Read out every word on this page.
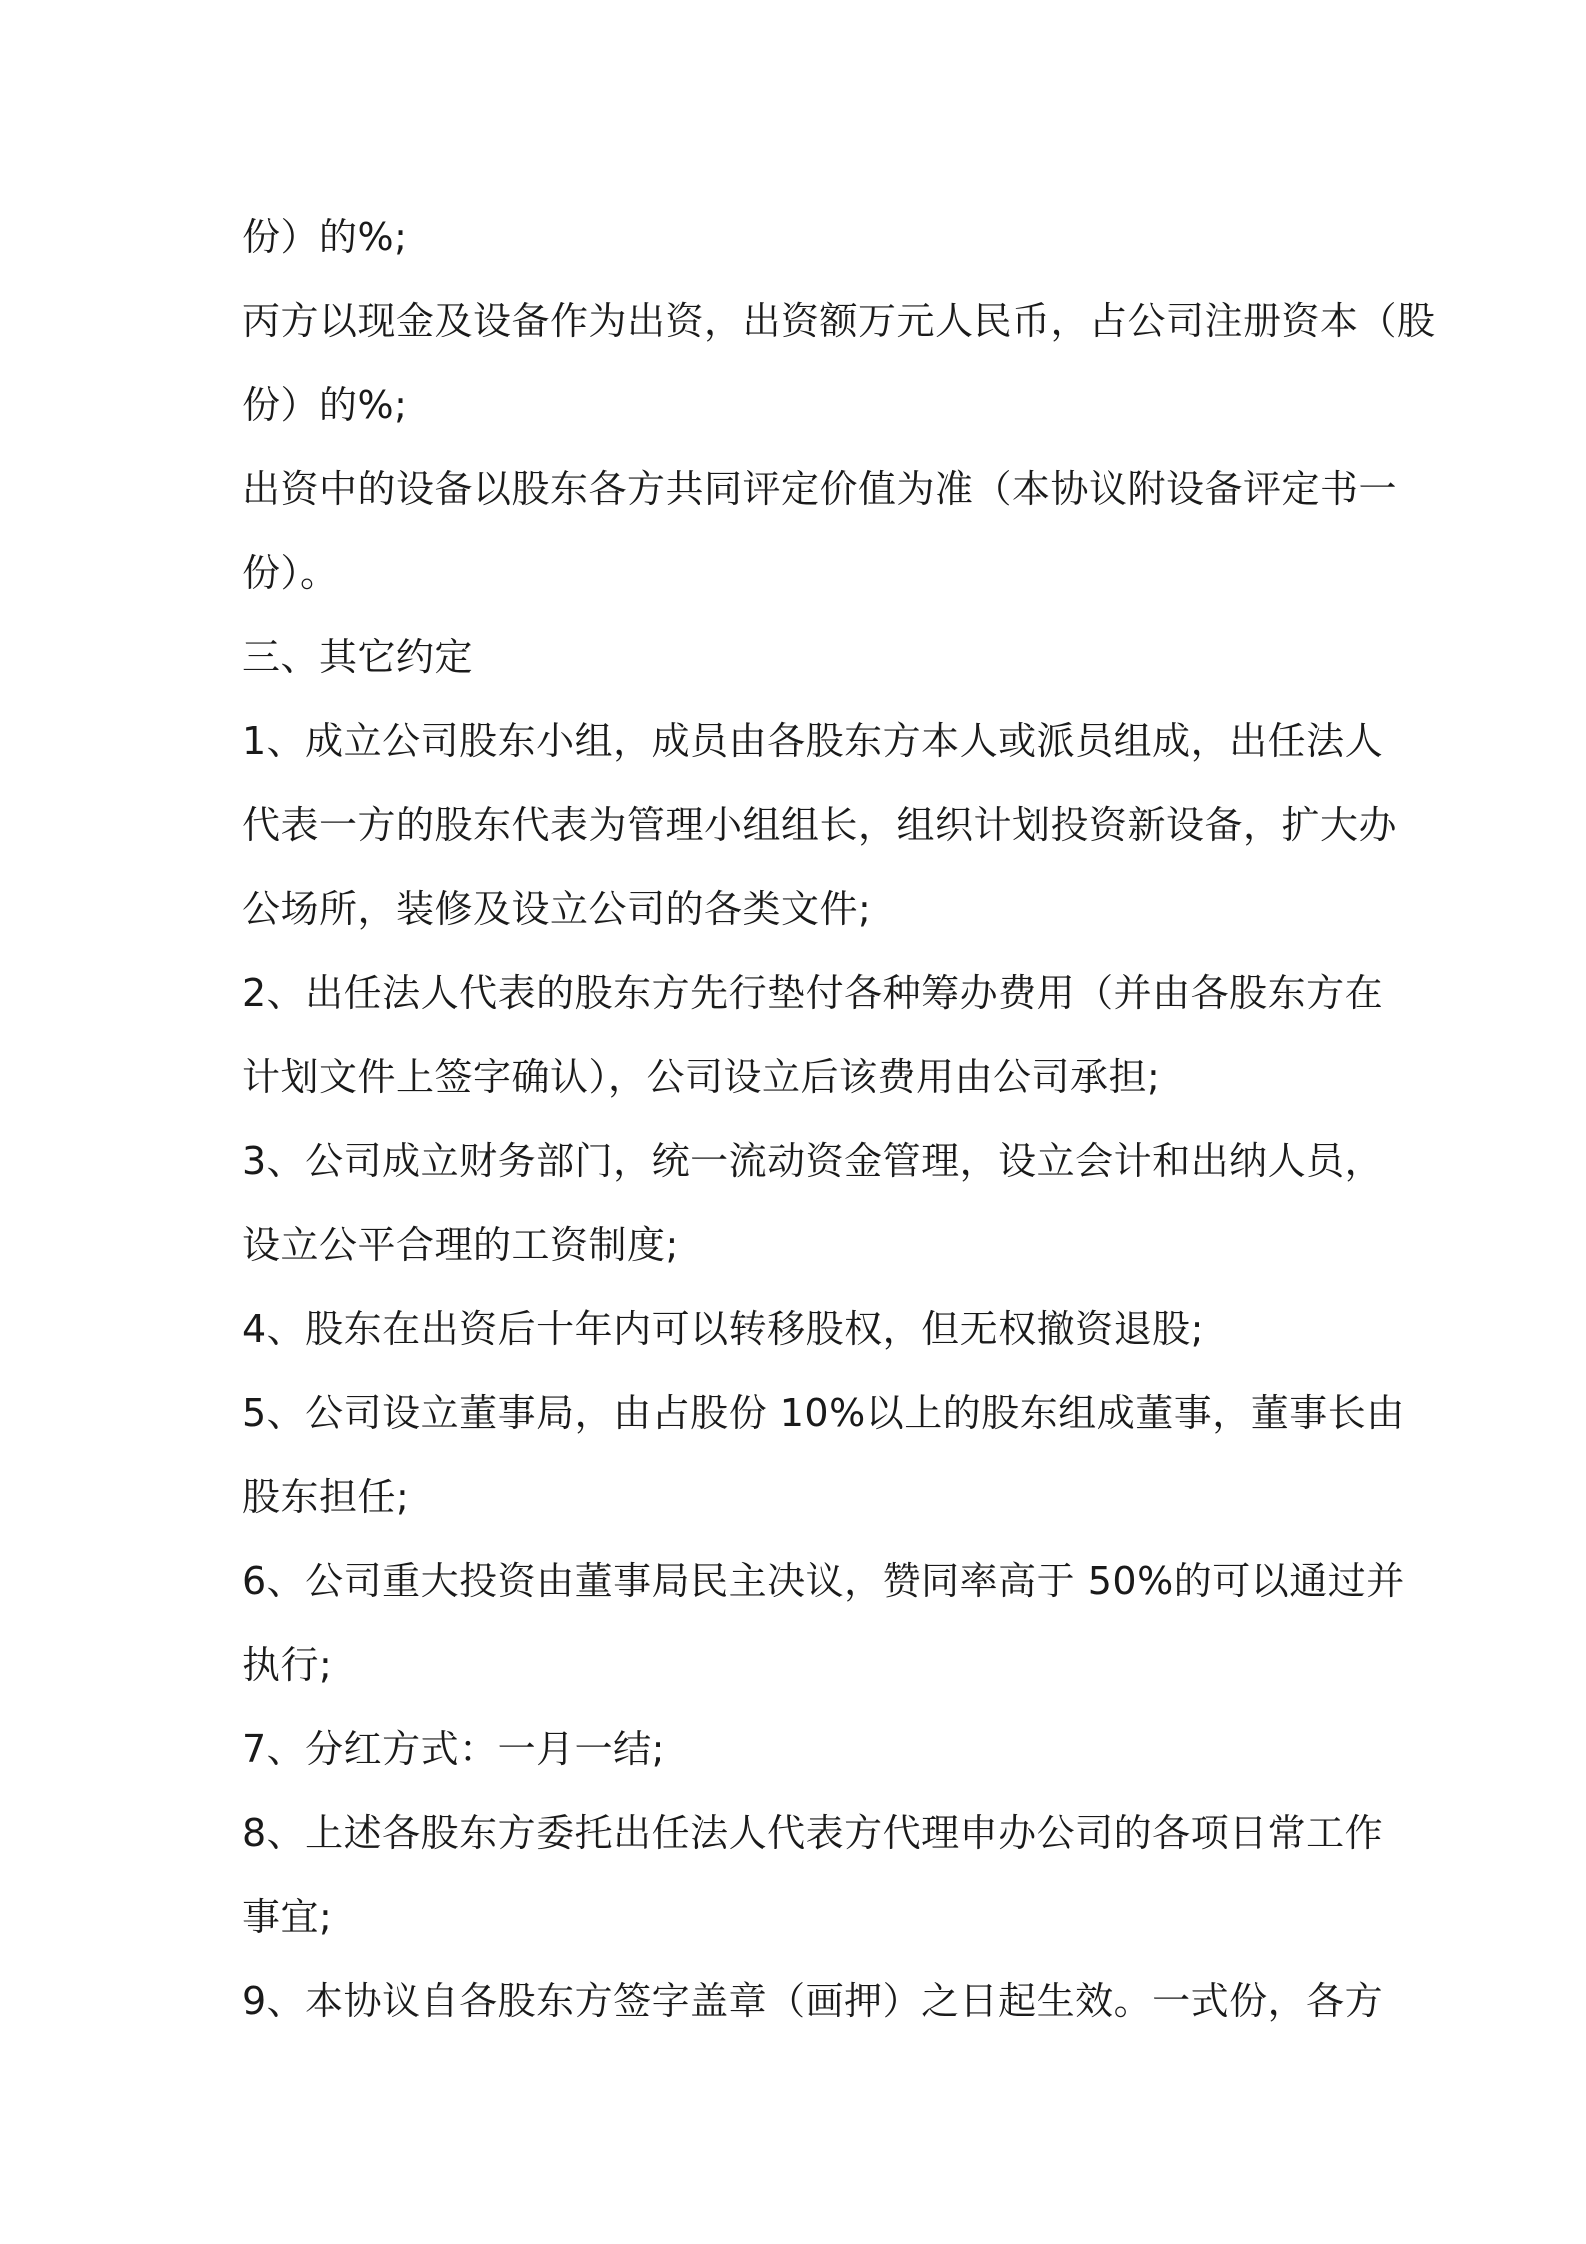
份）的%;
丙方以现金及设备作为出资，出资额万元人民币，占公司注册资本（股
份）的%;
出资中的设备以股东各方共同评定价值为准（本协议附设备评定书一
份）。
三、其它约定
1、成立公司股东小组，成员由各股东方本人或派员组成，出任法人
代表一方的股东代表为管理小组组长，组织计划投资新设备，扩大办
公场所，装修及设立公司的各类文件;
2、出任法人代表的股东方先行垫付各种筹办费用（并由各股东方在
计划文件上签字确认），公司设立后该费用由公司承担;
3、公司成立财务部门，统一流动资金管理，设立会计和出纳人员，
设立公平合理的工资制度;
4、股东在出资后十年内可以转移股权，但无权撤资退股;
5、公司设立董事局，由占股份 10%以上的股东组成董事，董事长由
股东担任;
6、公司重大投资由董事局民主决议，赞同率高于 50%的可以通过并
执行;
7、分红方式：一月一结;
8、上述各股东方委托出任法人代表方代理申办公司的各项日常工作
事宜;
9、本协议自各股东方签字盖章（画押）之日起生效。一式份，各方
